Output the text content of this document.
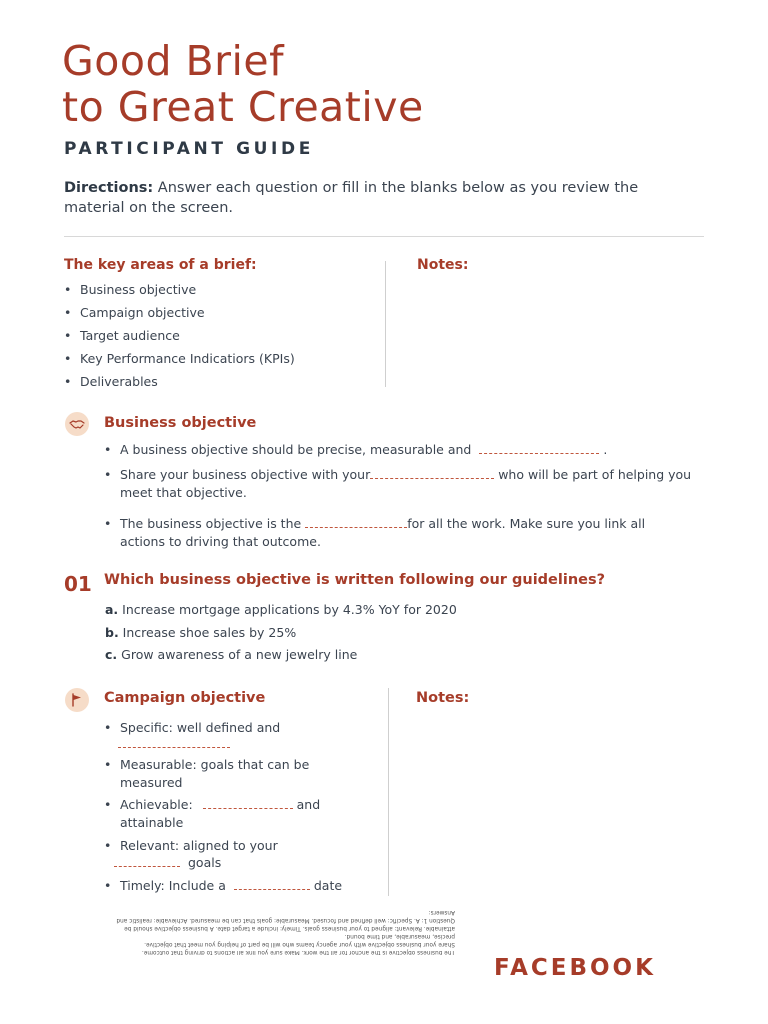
Good Brief
to Great Creative
PARTICIPANT GUIDE
Directions: Answer each question or fill in the blanks below as you review the material on the screen.
The key areas of a brief:	Notes:
• Business objective
• Campaign objective
• Target audience
• Key Performance Indicatiors (KPIs)
• Deliverables
Business objective
• A business objective should be precise, measurable and	.
• Share your business objective with your	who will be part of helping you meet that objective.
• The business objective is the	for all the work. Make sure you link all actions to driving that outcome.
01 Which business objective is written following our guidelines?
a. Increase mortgage applications by 4.3% YoY for 2020
b. Increase shoe sales by 25%
c. Grow awareness of a new jewelry line
Campaign objective	Notes:
• Specific: well defined and
• Measurable: goals that can be measured
• Achievable:	and attainable
• Relevant: aligned to your
goals
• Timely: Include a	date

The business objective is the anchor for all the work. Make sure you link all actions to driving that outcome.

Share your business objective with your agency teams who will be part of helping you meet that objective.

precise, measurable, and time bound.

attainable. Relevant: aligned to your business goals. Timely: include a target date. A business objective should be

Question 1: A. Specific: well defined and focused. Measurable: goals that can be measured. Achievable: realistic and

Answers:

FACEBOOK
